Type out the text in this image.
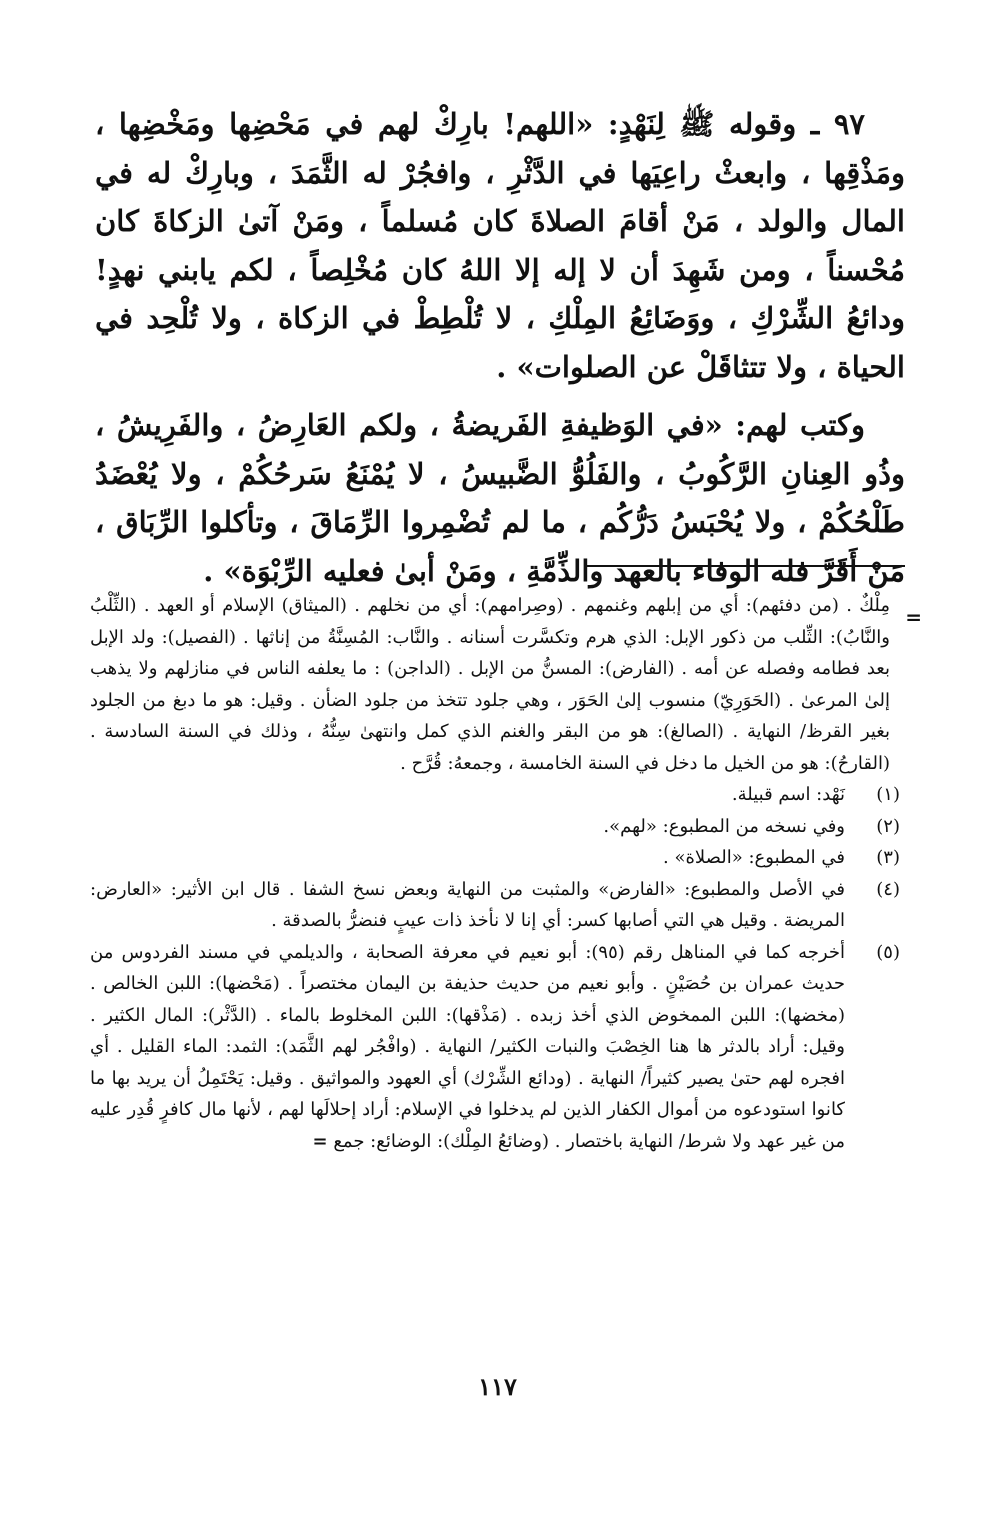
٩٧ ـ وقوله ﷺ لِنَهْدٍ: «اللهم! بارِكْ لهم في مَحْضِها ومَخْضِها ، ومَذْقِها ، وابعثْ راعِيَها في الدَّثْرِ ، وافجُرْ له الثَّمَدَ ، وبارِكْ له في المال والولد ، مَنْ أقامَ الصلاةَ كان مُسلماً ، ومَنْ آتىٰ الزكاةَ كان مُحْسناً ، ومن شَهِدَ أن لا إله إلا اللهُ كان مُخْلِصاً ، لكم يابني نهدٍ! ودائعُ الشِّرْكِ ، ووَضَائِعُ المِلْكِ ، لا تُلْطِطْ في الزكاة ، ولا تُلْحِد في الحياة ، ولا تتثاقَلْ عن الصلوات» .

وكتب لهم: «في الوَظيفةِ الفَريضةُ ، ولكم العَارِضُ ، والفَرِيشُ ، وذُو العِنانِ الرَّكُوبُ ، والفَلُوُّ الضَّبيسُ ، لا يُمْنَعُ سَرحُكُمْ ، ولا يُعْضَدُ طَلْحُكُمْ ، ولا يُحْبَسُ دَرُّكُم ، ما لم تُضْمِروا الرِّمَاقَ ، وتأكلوا الرِّبَاق ، مَنْ أَقَرَّ فله الوفاء بالعهد والذِّمَّةِ ، ومَنْ أبىٰ فعليه الرِّبْوَة» .

=
مِلْكٌ . (من دفئهم): أي من إبلهم وغنمهم . (وصِرامهم): أي من نخلهم . (الميثاق) الإسلام أو العهد . (الثِّلْبُ والنَّابُ): الثِّلب من ذكور الإبل: الذي هرم وتكسَّرت أسنانه . والنَّاب: المُسِنَّةُ من إناثها . (الفصيل): ولد الإبل بعد فطامه وفصله عن أمه . (الفارض): المسنُّ من الإبل . (الداجن) : ما يعلفه الناس في منازلهم ولا يذهب إلىٰ المرعىٰ . (الحَوَرِيّ) منسوب إلىٰ الحَوَر ، وهي جلود تتخذ من جلود الضأن . وقيل: هو ما دبغ من الجلود بغير القرظ/ النهاية . (الصالغ): هو من البقر والغنم الذي كمل وانتهىٰ سِنُّهُ ، وذلك في السنة السادسة . (القارحُ): هو من الخيل ما دخل في السنة الخامسة ، وجمعهُ: قُرَّح .
(١)
نَهْد: اسم قبيلة.
(٢)
وفي نسخه من المطبوع: «لهم».
(٣)
في المطبوع: «الصلاة» .
(٤)
في الأصل والمطبوع: «الفارض» والمثبت من النهاية وبعض نسخ الشفا . قال ابن الأثير: «العارض: المريضة . وقيل هي التي أصابها كسر: أي إنا لا نأخذ ذات عيبٍ فنضرُّ بالصدقة .
(٥)
أخرجه كما في المناهل رقم (٩٥): أبو نعيم في معرفة الصحابة ، والديلمي في مسند الفردوس من حديث عمران بن حُصَيْنٍ . وأبو نعيم من حديث حذيفة بن اليمان مختصراً . (مَحْضها): اللبن الخالص . (مخضها): اللبن الممخوض الذي أخذ زبده . (مَذْقها): اللبن المخلوط بالماء . (الدَّثْر): المال الكثير . وقيل: أراد بالدثر ها هنا الخِصْبَ والنبات الكثير/ النهاية . (وافْجُر لهم الثَّمَد): الثمد: الماء القليل . أي افجره لهم حتىٰ يصير كثيراً/ النهاية . (ودائع الشِّرْك) أي العهود والمواثيق . وقيل: يَحْتَمِلُ أن يريد بها ما كانوا استودعوه من أموال الكفار الذين لم يدخلوا في الإسلام: أراد إحلالَها لهم ، لأنها مال كافرٍ قُدِر عليه من غير عهد ولا شرط/ النهاية باختصار . (وضائعُ المِلْك): الوضائع: جمع =
١١٧
